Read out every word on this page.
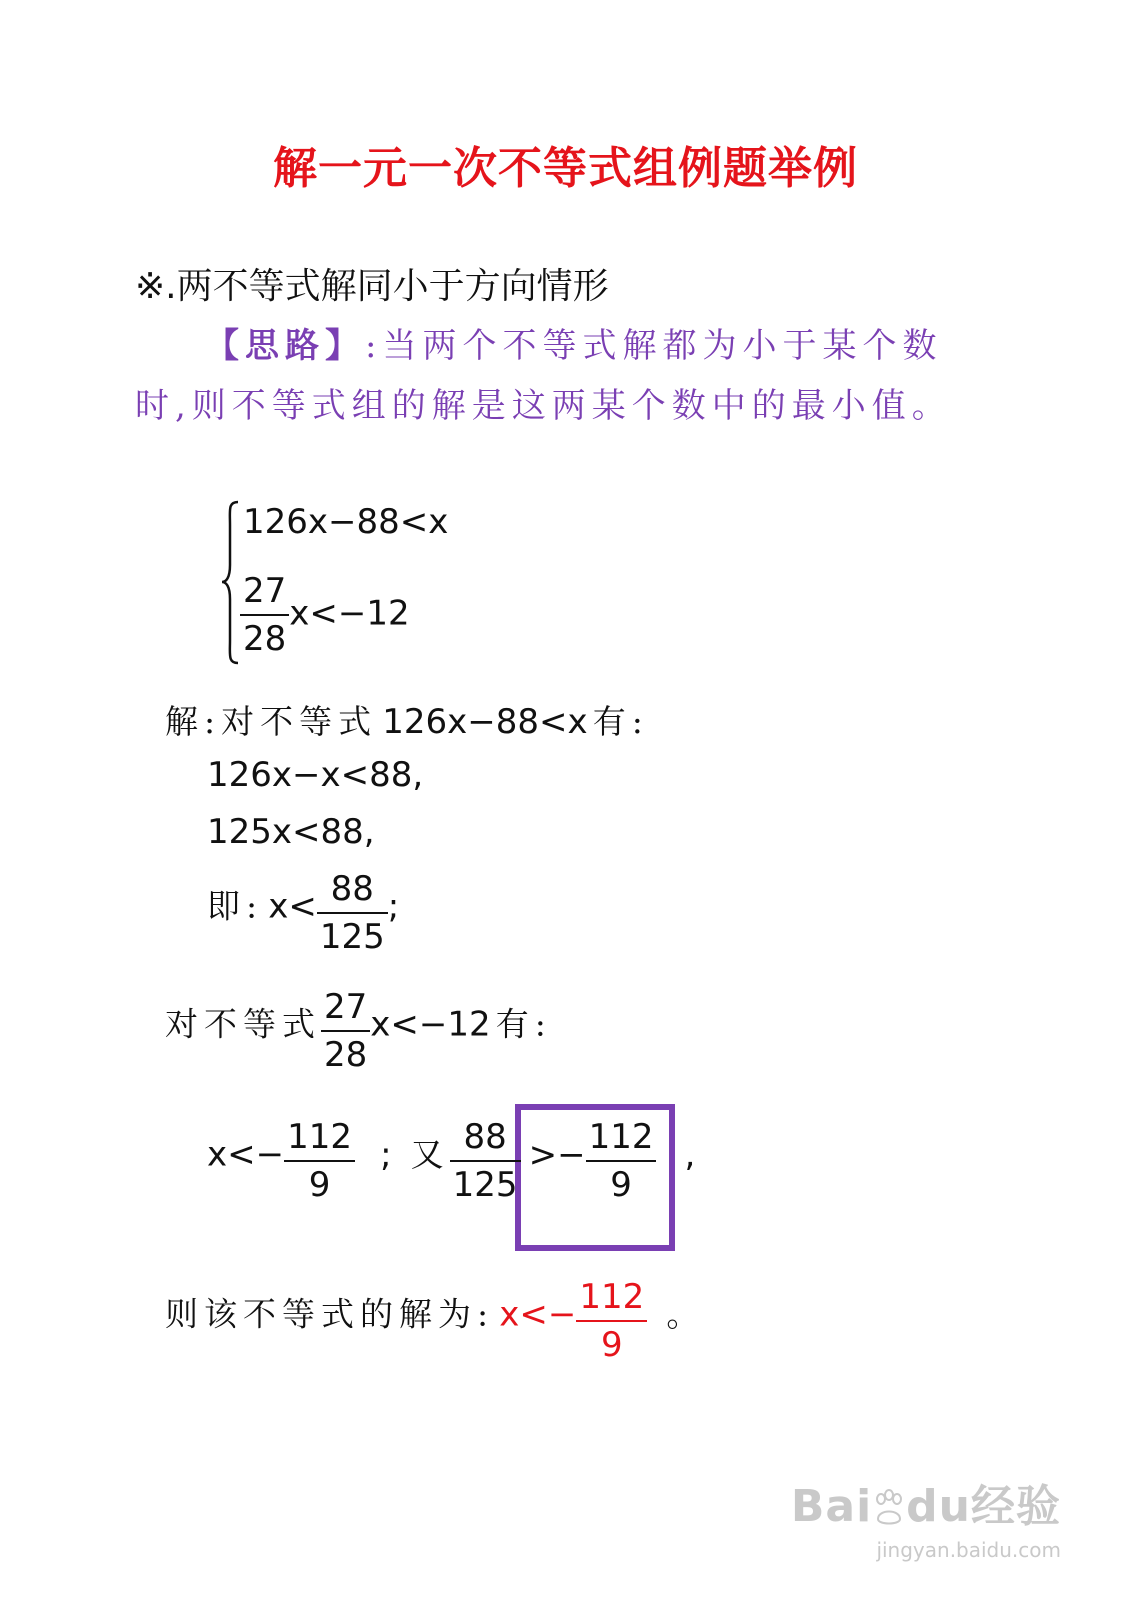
解一元一次不等式组例题举例
※.两不等式解同小于方向情形
【思路】:当两个不等式解都为小于某个数
时,则不等式组的解是这两某个数中的最小值。
126x−88<x
$\frac{27}{28} x<-12$
解:对不等式 126x−88<x 有:
126x−x<88,
125x<88,
即: $x< \frac{88}{125}$ ;
对不等式 $\frac{27}{28} x<-12$ 有:
$x<- \frac{112}{9}$ ; 又 $\frac{88}{125} >- \frac{112}{9}$ ,
则该不等式的解为: $x<- \frac{112}{9}$ 。
Bai du经验
jingyan.baidu.com
